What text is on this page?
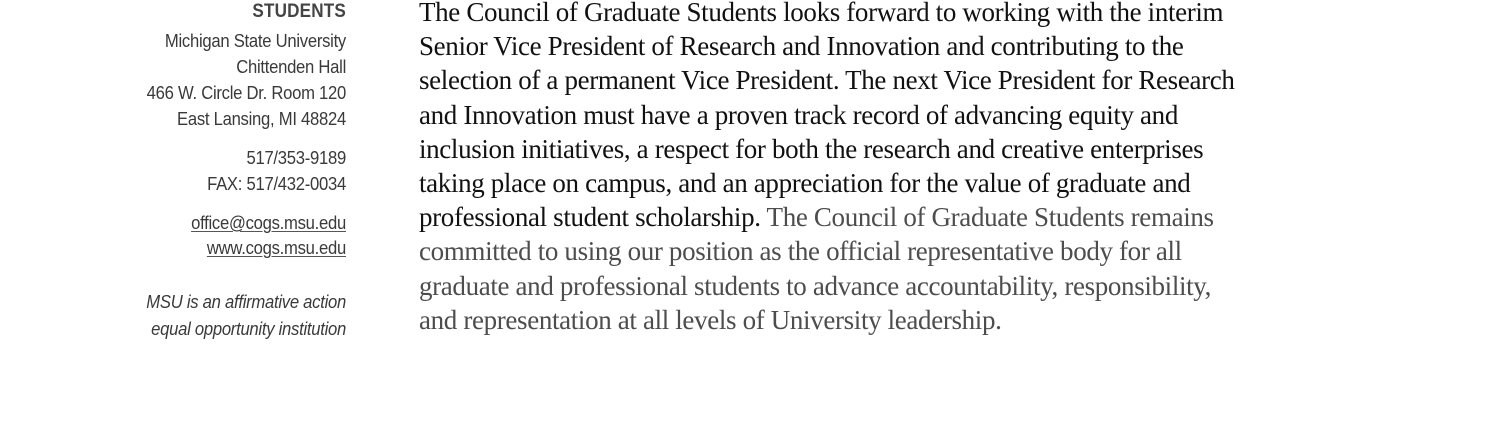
STUDENTS
Michigan State University
Chittenden Hall
466 W. Circle Dr. Room 120
East Lansing, MI 48824
517/353-9189
FAX: 517/432-0034
office@cogs.msu.edu
www.cogs.msu.edu
MSU is an affirmative action
equal opportunity institution
The Council of Graduate Students looks forward to working with the interim
Senior Vice President of Research and Innovation and contributing to the
selection of a permanent Vice President. The next Vice President for Research
and Innovation must have a proven track record of advancing equity and
inclusion initiatives, a respect for both the research and creative enterprises
taking place on campus, and an appreciation for the value of graduate and
professional student scholarship. The Council of Graduate Students remains
committed to using our position as the official representative body for all
graduate and professional students to advance accountability, responsibility,
and representation at all levels of University leadership.
